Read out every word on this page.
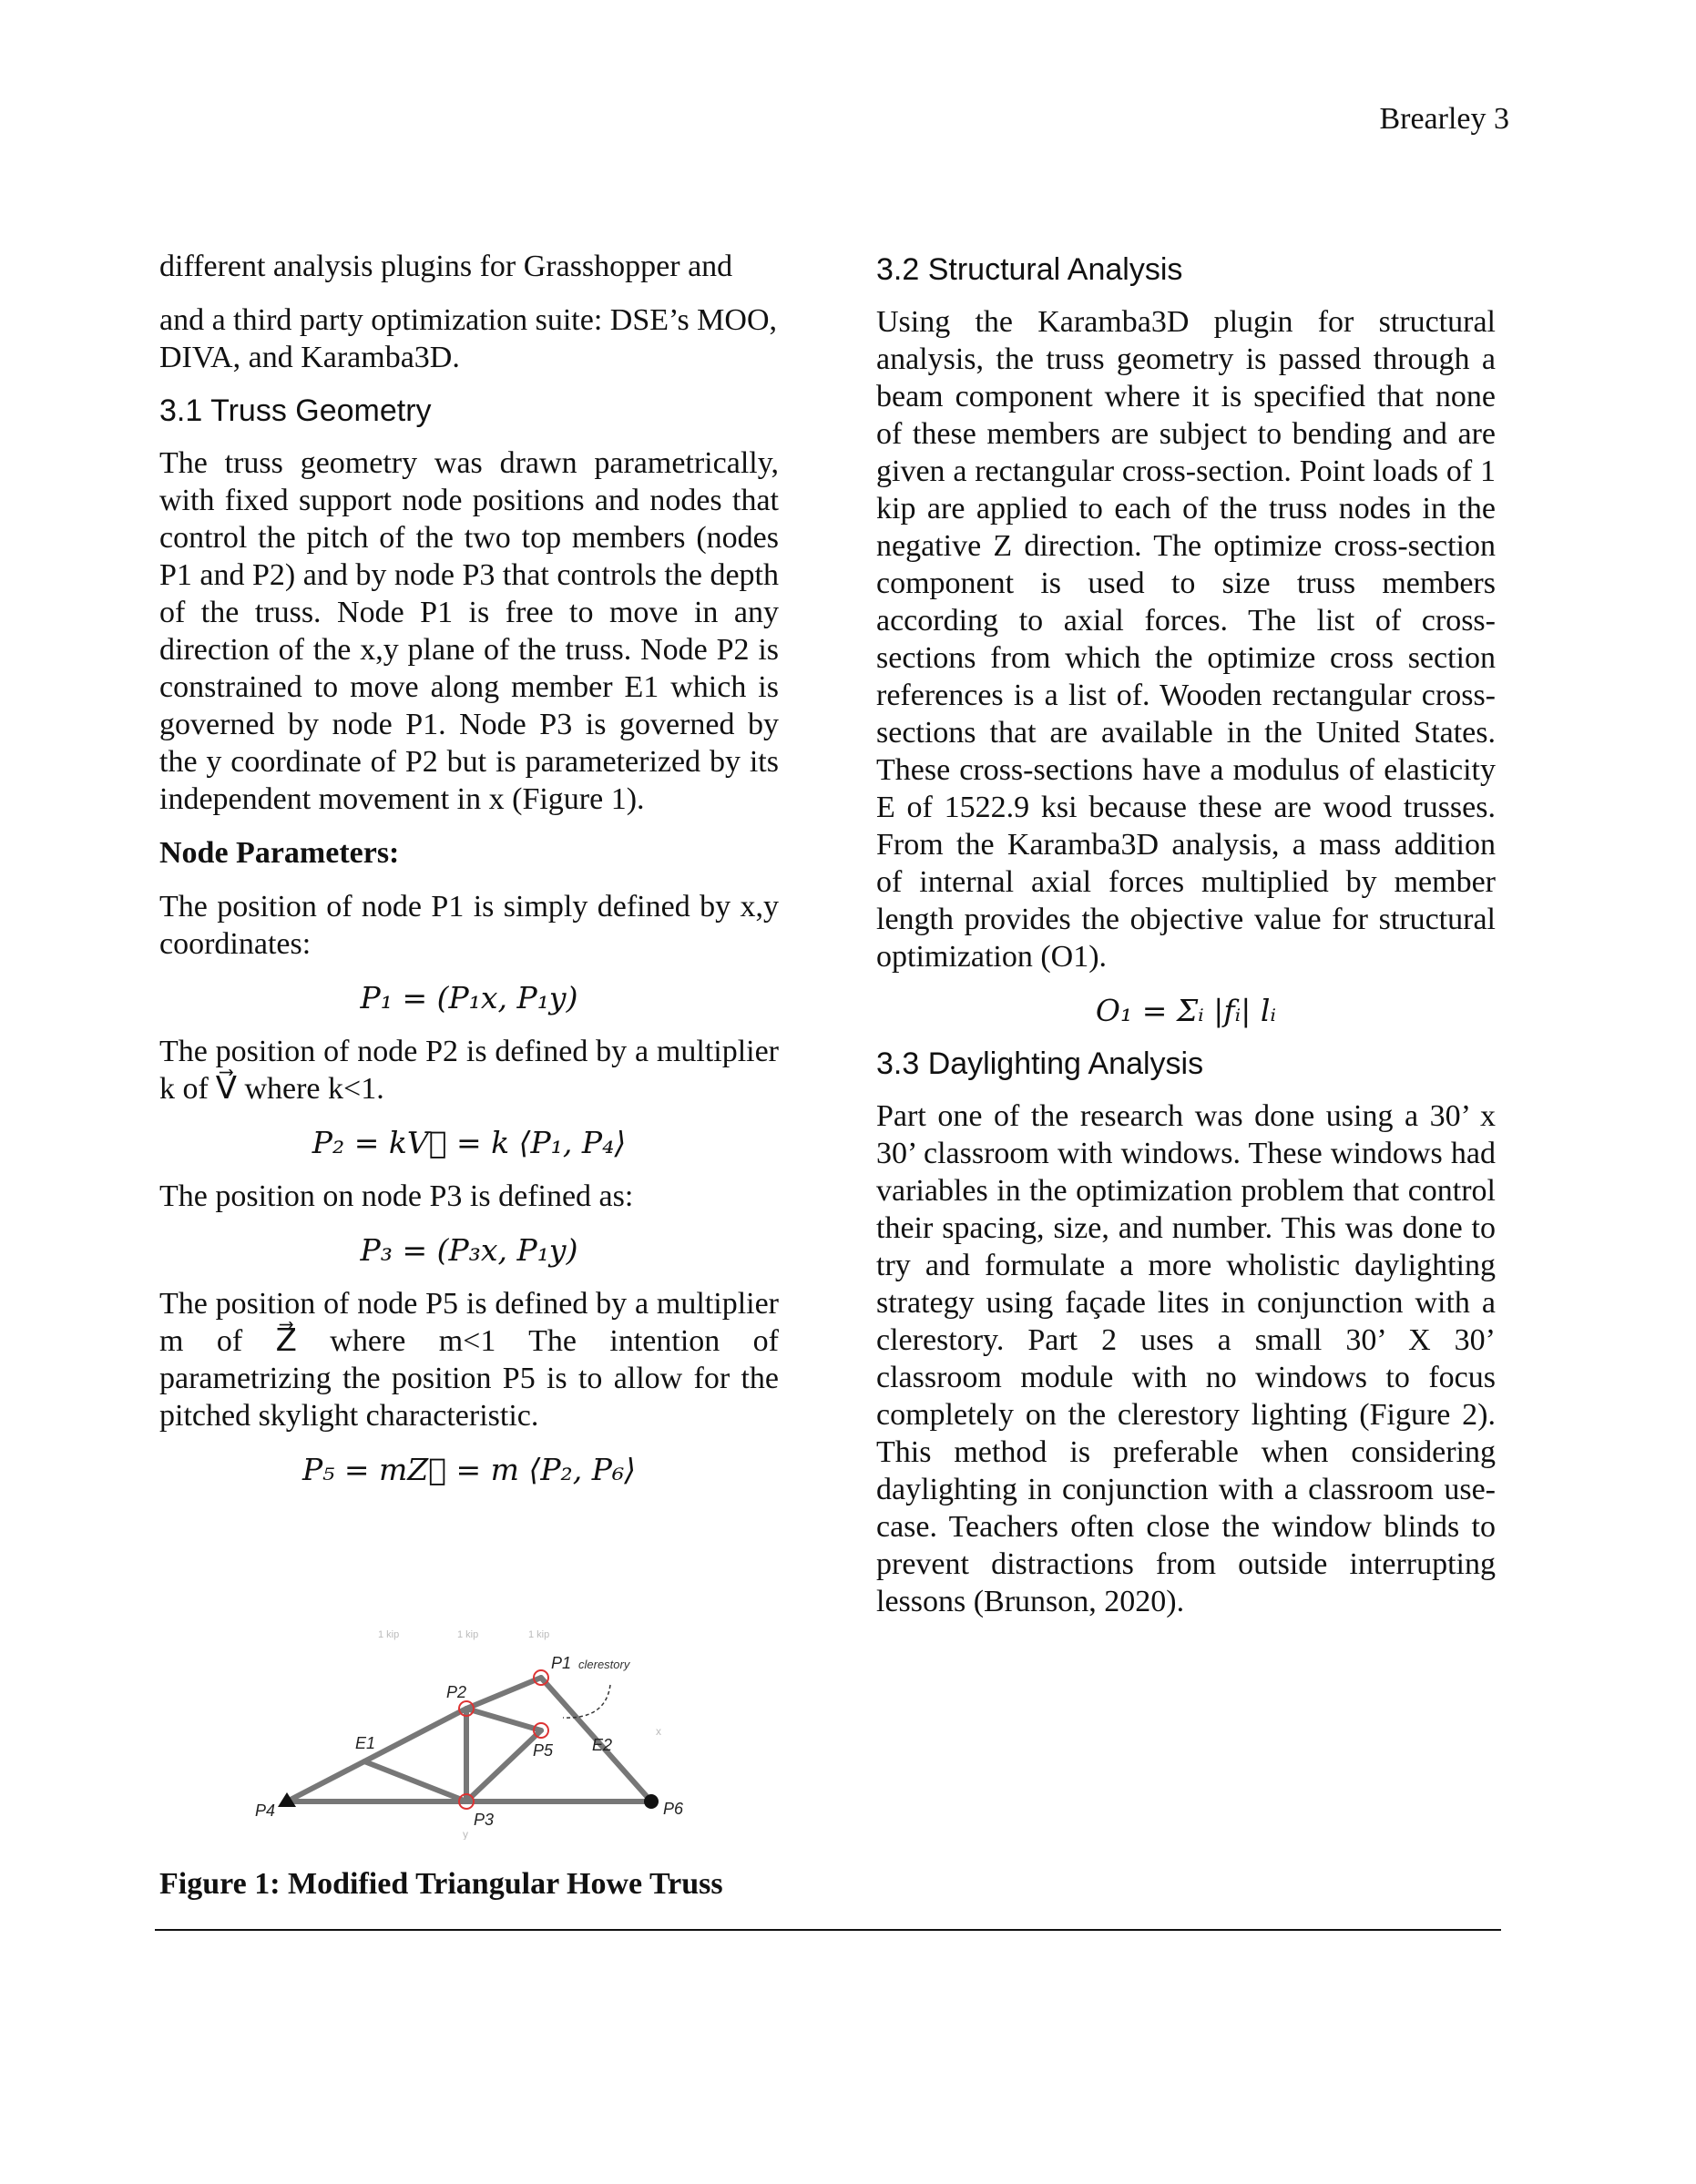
Brearley 3

different analysis plugins for Grasshopper and

and a third party optimization suite: DSE’s MOO, DIVA, and Karamba3D.

3.1 Truss Geometry

The truss geometry was drawn parametrically, with fixed support node positions and nodes that control the pitch of the two top members (nodes P1 and P2) and by node P3 that controls the depth of the truss. Node P1 is free to move in any direction of the x,y plane of the truss. Node P2 is constrained to move along member E1 which is governed by node P1. Node P3 is governed by the y coordinate of P2 but is parameterized by its independent movement in x (Figure 1).

Node Parameters:

The position of node P1 is simply defined by x,y coordinates:

P₁ = (P₁x, P₁y)

The position of node P2 is defined by a multiplier k of V⃗ where k<1.

P₂ = kV⃗ = k ⟨P₁, P₄⟩

The position on node P3 is defined as:

P₃ = (P₃x, P₁y)

The position of node P5 is defined by a multiplier m of Z⃗ where m<1 The intention of parametrizing the position P5 is to allow for the pitched skylight characteristic.

P₅ = mZ⃗ = m ⟨P₂, P₆⟩
1 kip	1 kip	1 kip
P1
P2
P3
P4
P5
P6
E1	E2
clerestory
x
y
Figure 1: Modified Triangular Howe Truss
3.2 Structural Analysis

Using the Karamba3D plugin for structural analysis, the truss geometry is passed through a beam component where it is specified that none of these members are subject to bending and are given a rectangular cross-section. Point loads of 1 kip are applied to each of the truss nodes in the negative Z direction. The optimize cross-section component is used to size truss members according to axial forces. The list of cross-sections from which the optimize cross section references is a list of. Wooden rectangular cross-sections that are available in the United States. These cross-sections have a modulus of elasticity E of 1522.9 ksi because these are wood trusses. From the Karamba3D analysis, a mass addition of internal axial forces multiplied by member length provides the objective value for structural optimization (O1).

O₁ = Σᵢ |fᵢ| lᵢ
3.3 Daylighting Analysis

Part one of the research was done using a 30’ x 30’ classroom with windows. These windows had variables in the optimization problem that control their spacing, size, and number. This was done to try and formulate a more wholistic daylighting strategy using façade lites in conjunction with a clerestory. Part 2 uses a small 30’ X 30’ classroom module with no windows to focus completely on the clerestory lighting (Figure 2). This method is preferable when considering daylighting in conjunction with a classroom use-case. Teachers often close the window blinds to prevent distractions from outside interrupting lessons (Brunson, 2020).
